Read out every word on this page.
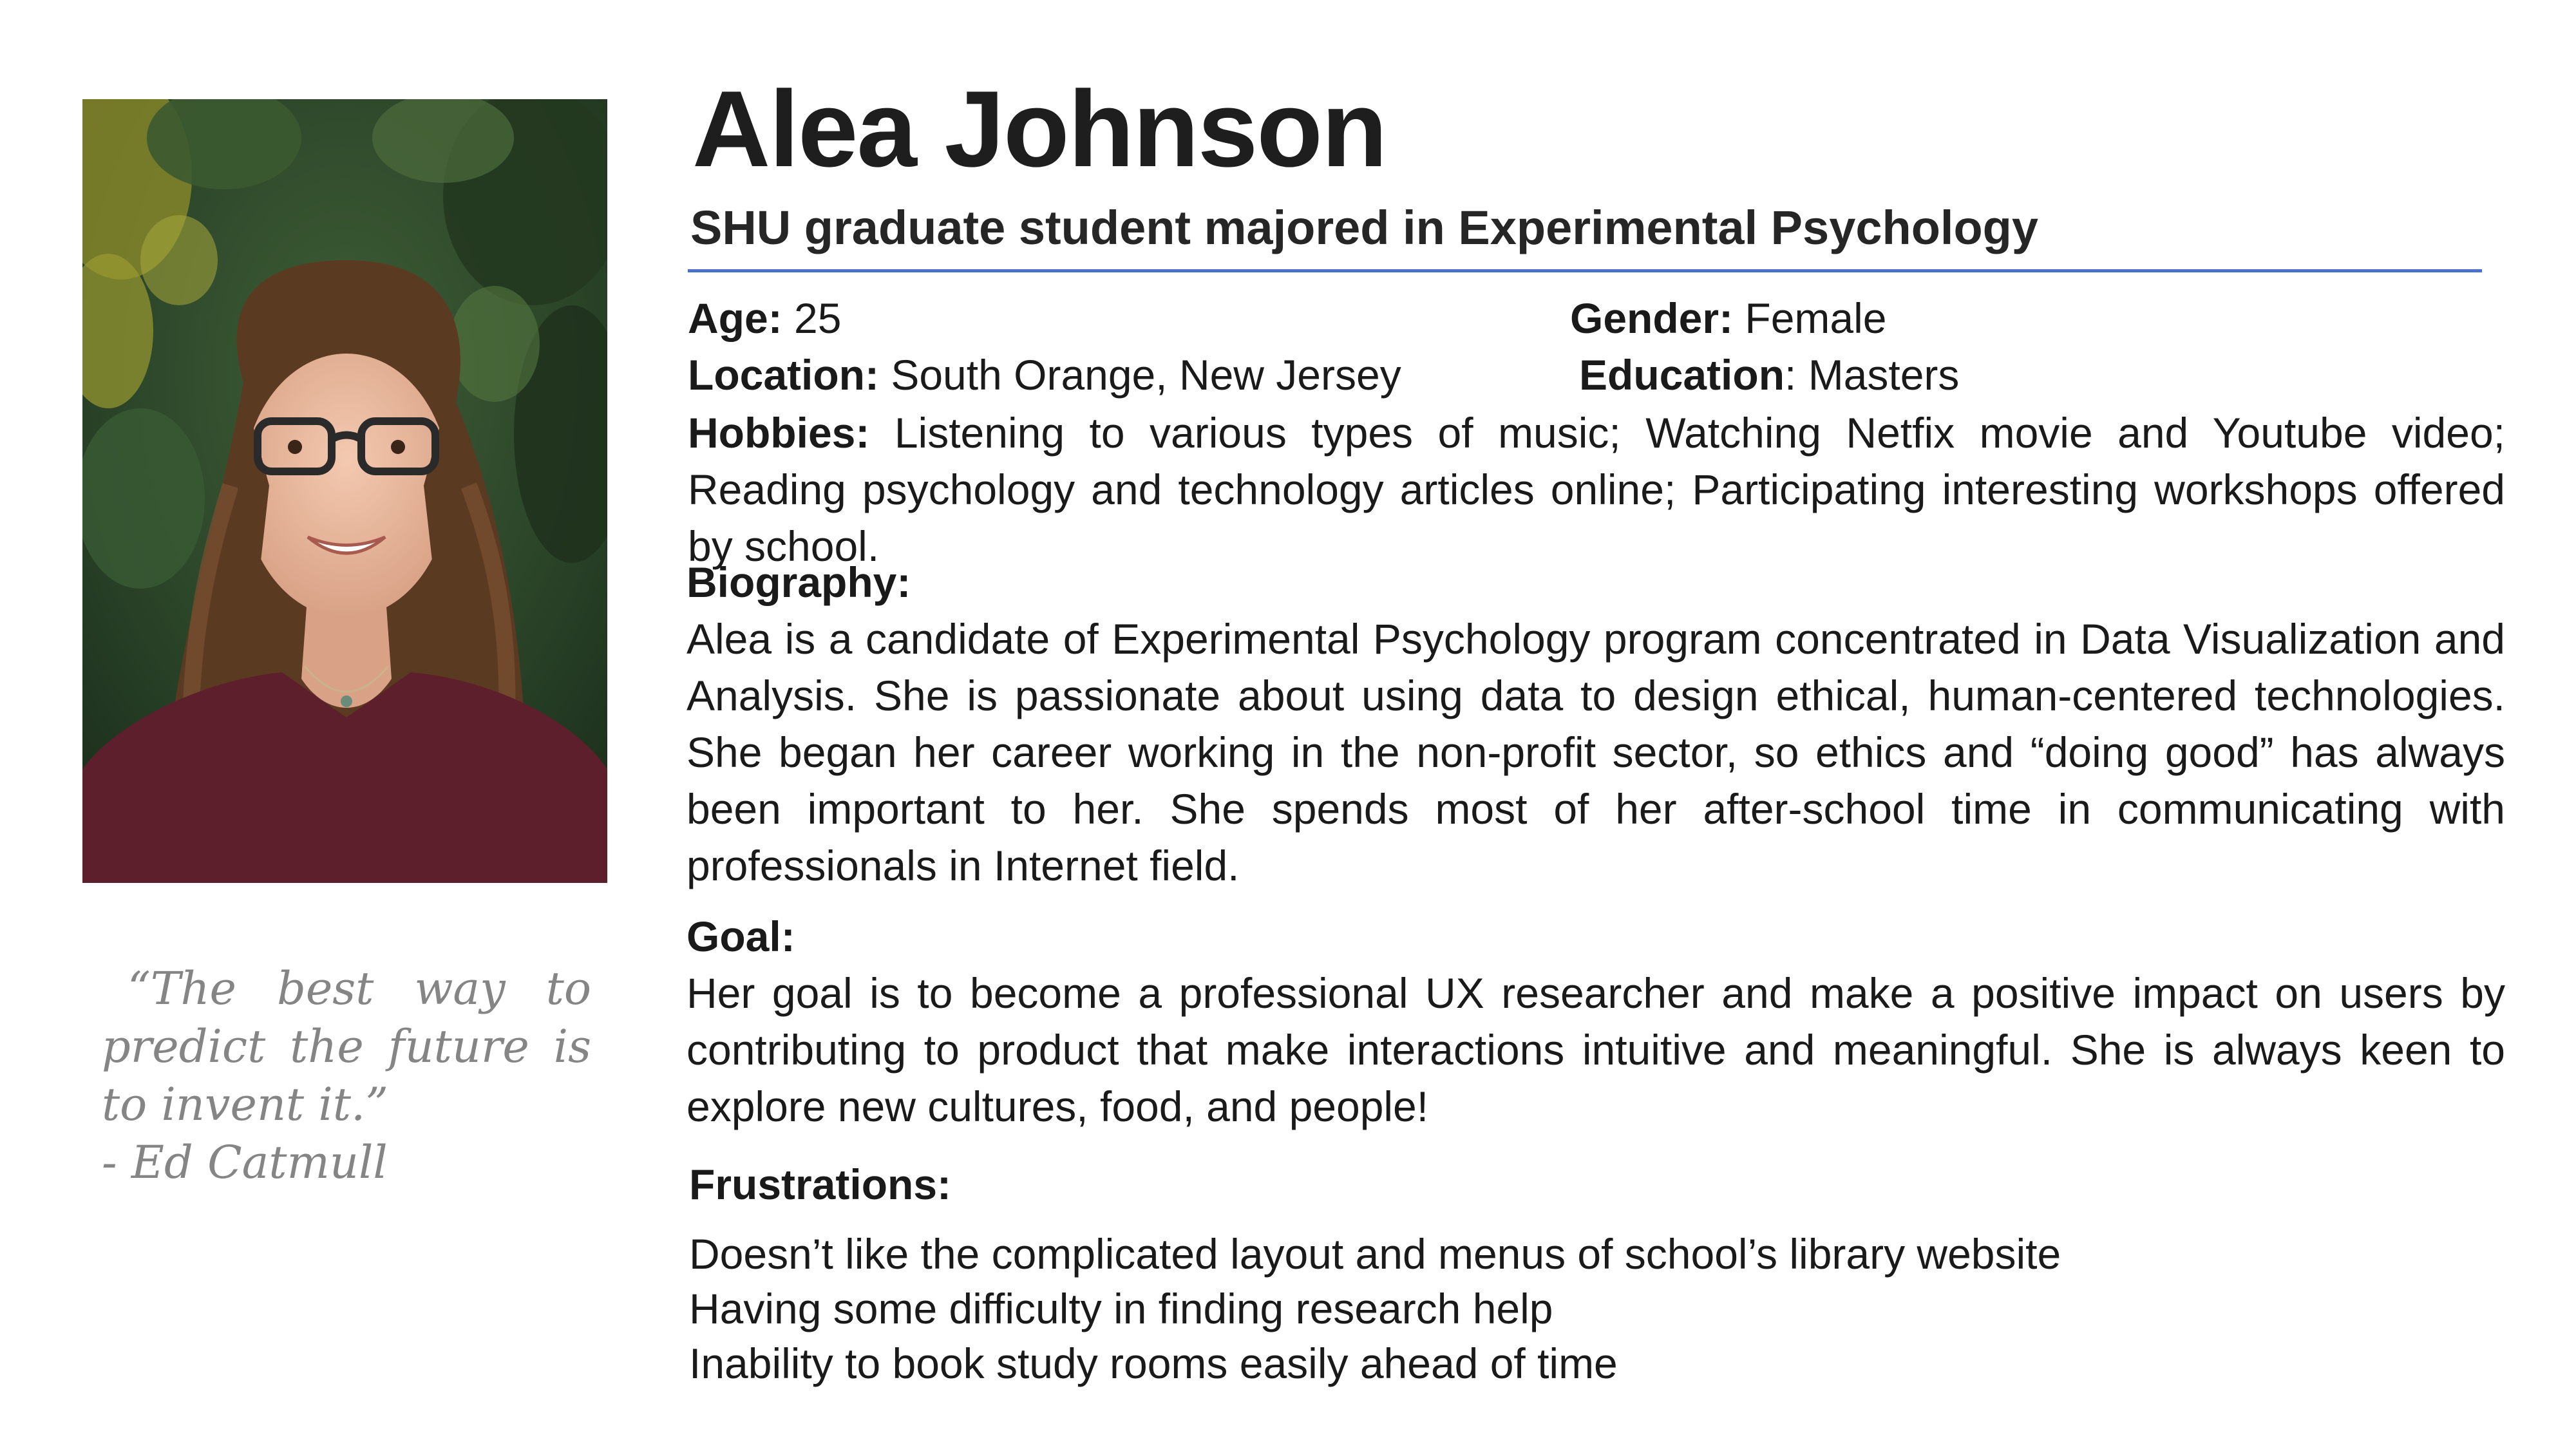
“The best way to predict the future is to invent it.”
- Ed Catmull
Alea Johnson
SHU graduate student majored in Experimental Psychology
Age: 25	Gender: Female
Location: South Orange, New Jersey	Education: Masters

Hobbies: Listening to various types of music; Watching Netfix movie and Youtube video; Reading psychology and technology articles online; Participating interesting workshops offered by school.

Biography:

Alea is a candidate of Experimental Psychology program concentrated in Data Visualization and Analysis. She is passionate about using data to design ethical, human-centered technologies. She began her career working in the non-profit sector, so ethics and “doing good” has always been important to her. She spends most of her after-school time in communicating with professionals in Internet field.

Goal:

Her goal is to become a professional UX researcher and make a positive impact on users by contributing to product that make interactions intuitive and meaningful. She is always keen to explore new cultures, food, and people!

Frustrations:
Doesn’t like the complicated layout and menus of school’s library website
Having some difficulty in finding research help
Inability to book study rooms easily ahead of time
